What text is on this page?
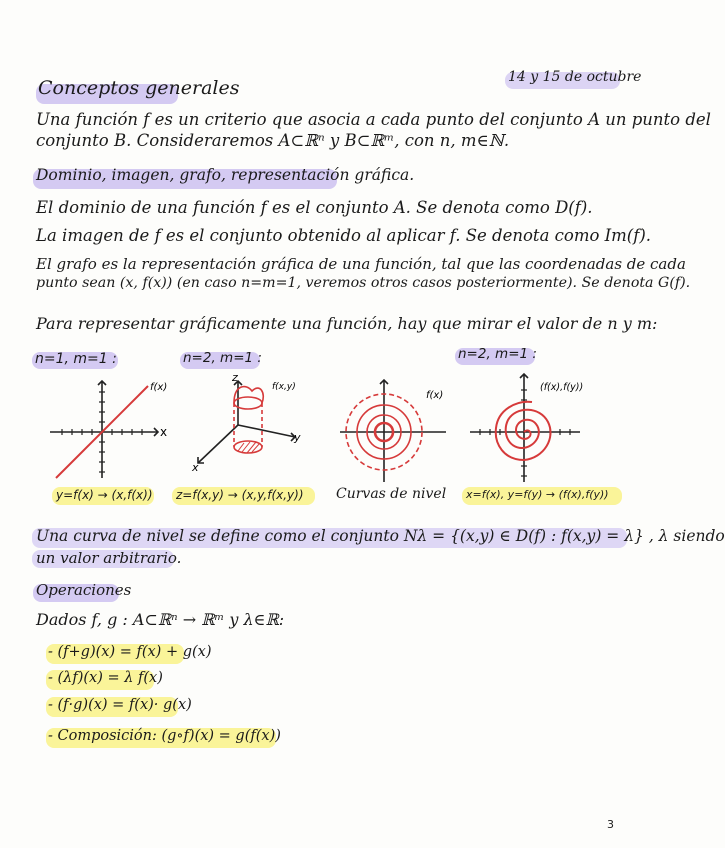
Conceptos generales	14 y 15 de octubre
Una función f es un criterio que asocia a cada punto del conjunto A un punto del
conjunto B. Consideraremos A⊂ℝⁿ y B⊂ℝᵐ, con n, m∈ℕ.
Dominio, imagen, grafo, representación gráfica.
El dominio de una función f es el conjunto A. Se denota como D(f).
La imagen de f es el conjunto obtenido al aplicar f. Se denota como Im(f).
El grafo es la representación gráfica de una función, tal que las coordenadas de cada
punto sean (x, f(x)) (en caso n=m=1, veremos otros casos posteriormente). Se denota G(f).
Para representar gráficamente una función, hay que mirar el valor de n y m:
n=1, m=1 :	n=2, m=1 :	n=2, m=1 :
f(x)
x
f(x,y)
z
y
x
f(x)
(f(x),f(y))
y=f(x) → (x,f(x)) z=f(x,y) → (x,y,f(x,y)) Curvas de nivel x=f(x), y=f(y) → (f(x),f(y))
Una curva de nivel se define como el conjunto Nλ = {(x,y) ∈ D(f) : f(x,y) = λ} , λ siendo
un valor arbitrario.
Operaciones
Dados f, g : A⊂ℝⁿ → ℝᵐ y λ∈ℝ:
- (f+g)(x) = f(x) + g(x)
- (λf)(x) = λ f(x)
- (f·g)(x) = f(x)· g(x)
- Composición: (g∘f)(x) = g(f(x))
3
